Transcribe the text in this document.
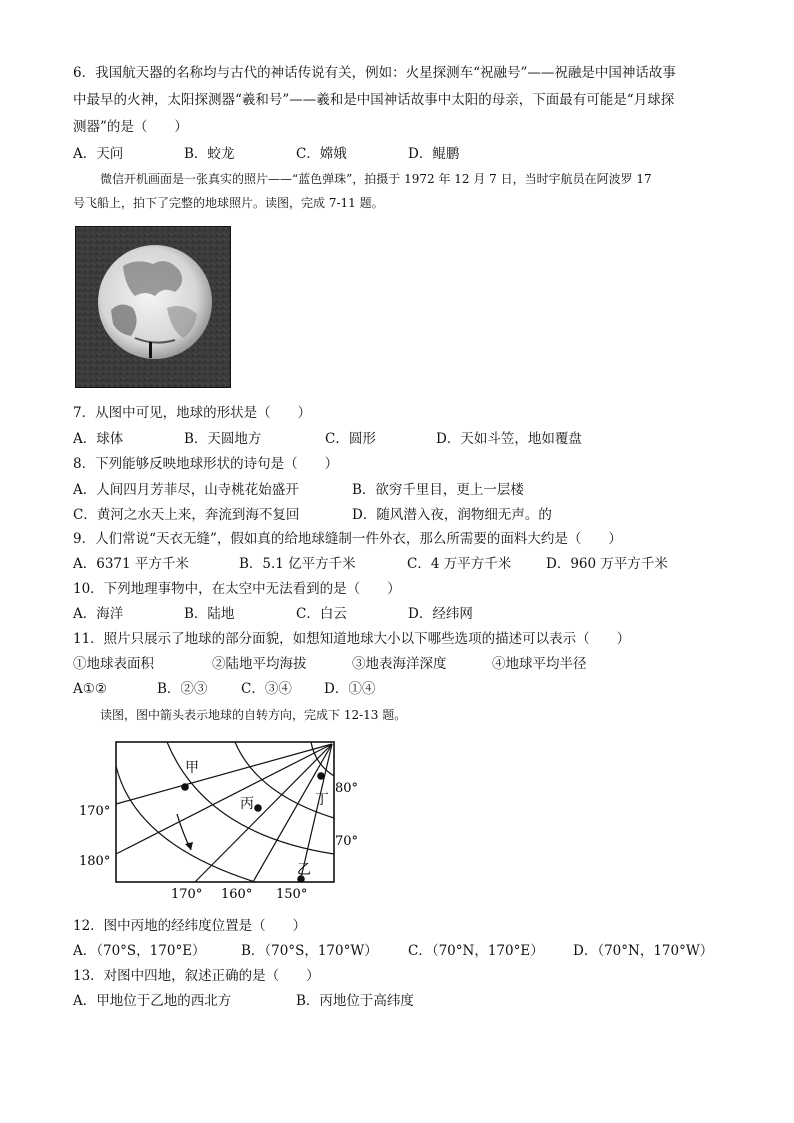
6．我国航天器的名称均与古代的神话传说有关，例如：火星探测车“祝融号”——祝融是中国神话故事
中最早的火神，太阳探测器“羲和号”——羲和是中国神话故事中太阳的母亲，下面最有可能是“月球探
测器”的是（　　）
A．天问	B．蛟龙	C．嫦娥	D．鲲鹏
微信开机画面是一张真实的照片——“蓝色弹珠”，拍摄于 1972 年 12 月 7 日，当时宇航员在阿波罗 17
号飞船上，拍下了完整的地球照片。读图，完成 7-11 题。
7．从图中可见，地球的形状是（　　）
A．球体	B．天圆地方	C．圆形	D．天如斗笠，地如覆盘
8．下列能够反映地球形状的诗句是（　　）
A．人间四月芳菲尽，山寺桃花始盛开	B．欲穷千里目，更上一层楼
C．黄河之水天上来，奔流到海不复回	D．随风潜入夜，润物细无声。的
9．人们常说“天衣无缝”，假如真的给地球缝制一件外衣，那么所需要的面料大约是（　　）
A．6371 平方千米	B．5.1 亿平方千米	C．4 万平方千米	D．960 万平方千米
10．下列地理事物中，在太空中无法看到的是（　　）
A．海洋	B．陆地	C．白云	D．经纬网
11．照片只展示了地球的部分面貌，如想知道地球大小以下哪些选项的描述可以表示（　　）
①地球表面积	②陆地平均海拔	③地表海洋深度	④地球平均半径
A①②	B．②③ C．③④ D．①④
读图，图中箭头表示地球的自转方向，完成下 12-13 题。
甲
丙	丁
乙
80°
70°
170°
180°
170° 160° 150°
12．图中丙地的经纬度位置是（　　）
A．（70°S，170°E）	B．（70°S，170°W） C．（70°N，170°E） D．（70°N，170°W）
13．对图中四地，叙述正确的是（　　）
A．甲地位于乙地的西北方	B．丙地位于高纬度
